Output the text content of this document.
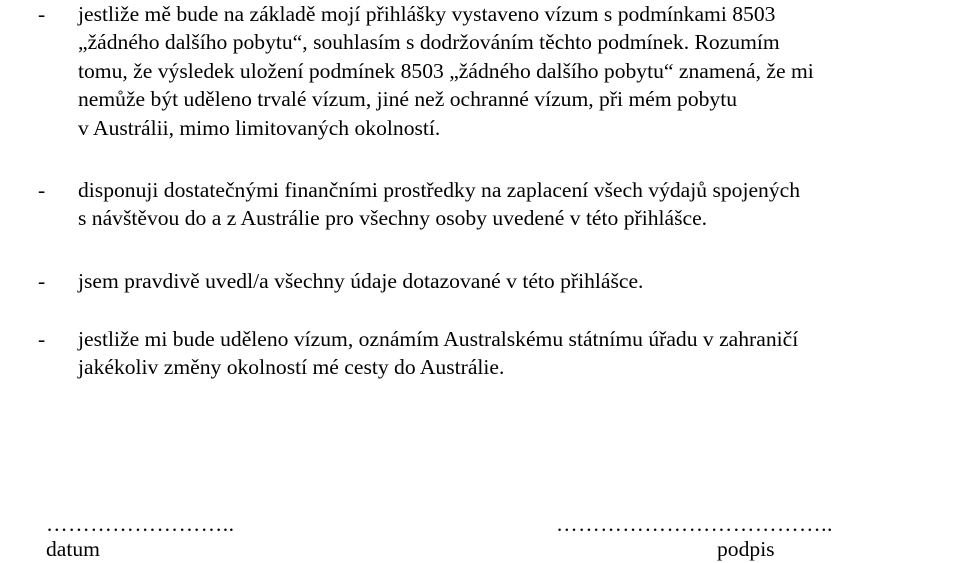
- jestliže mě bude na základě mojí přihlášky vystaveno vízum s podmínkami 8503
„žádného dalšího pobytu“, souhlasím s dodržováním těchto podmínek. Rozumím
tomu, že výsledek uložení podmínek 8503 „žádného dalšího pobytu“ znamená, že mi
nemůže být uděleno trvalé vízum, jiné než ochranné vízum, při mém pobytu
v Austrálii, mimo limitovaných okolností.
- disponuji dostatečnými finančními prostředky na zaplacení všech výdajů spojených
s návštěvou do a z Austrálie pro všechny osoby uvedené v této přihlášce.
- jsem pravdivě uvedl/a všechny údaje dotazované v této přihlášce.
- jestliže mi bude uděleno vízum, oznámím Australskému státnímu úřadu v zahraničí
jakékoliv změny okolností mé cesty do Austrálie.
……………………..
datum
………………………………..
podpis
